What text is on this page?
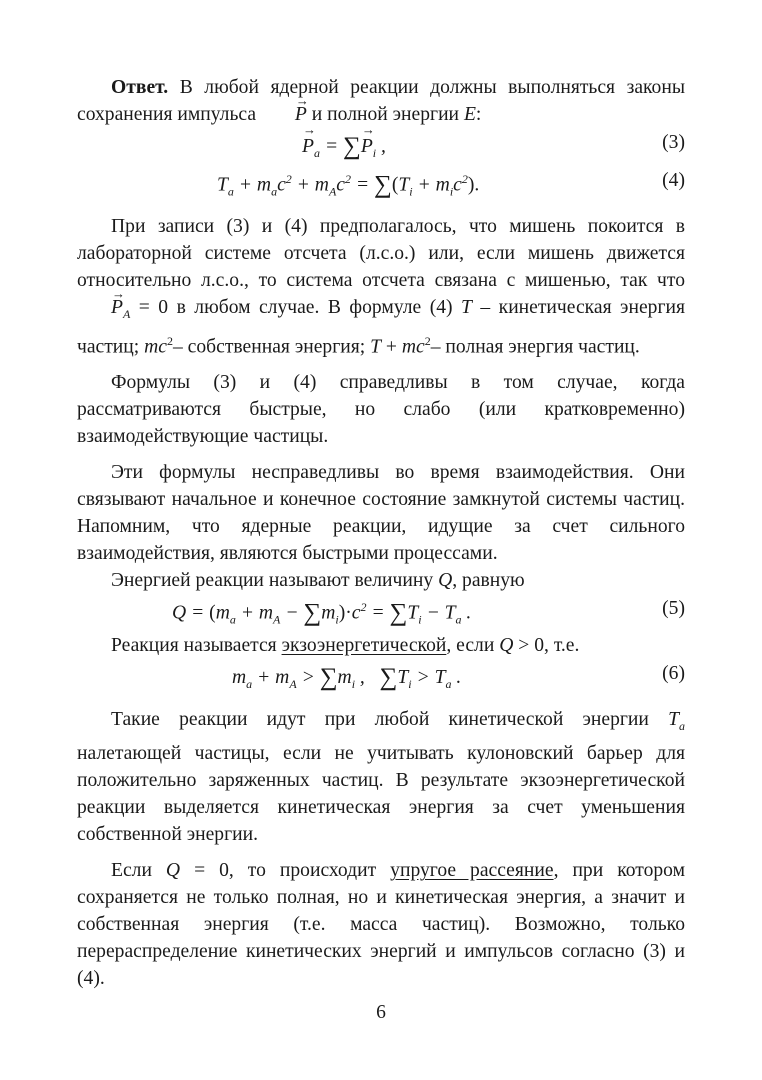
Ответ. В любой ядерной реакции должны выполняться законы сохранения импульса → P и полной энергии E:

→ $P_a$ = ∑→ $P_i$ ,	(3)
$T_a + m_ac^2 + m_Ac^2 = \sum(T_i + m_ic^2)$.	(4)

При записи (3) и (4) предполагалось, что мишень покоится в лабораторной системе отсчета (л.с.о.) или, если мишень движется относительно л.с.о., то система отсчета связана с мишенью, так что → $P_A = 0$ в любом случае. В формуле (4) T – кинетическая энергия частиц; $mc^2-$ собственная энергия; $T + mc^2-$ полная энергия частиц.

Формулы (3) и (4) справедливы в том случае, когда рассматриваются быстрые, но слабо (или кратковременно) взаимодействующие частицы.

Эти формулы несправедливы во время взаимодействия. Они связывают начальное и конечное состояние замкнутой системы частиц. Напомним, что ядерные реакции, идущие за счет сильного взаимодействия, являются быстрыми процессами.

Энергией реакции называют величину Q, равную

$Q = (m_a + m_A - \sum m_i)\cdot c^2 = \sum T_i - T_a$ .	(5)

Реакция называется экзоэнергетической, если Q > 0, т.е.

$m_a + m_A > \sum m_i$ ,   $\sum T_i > T_a$ .	(6)

Такие реакции идут при любой кинетической энергии $T_a$ налетающей частицы, если не учитывать кулоновский барьер для положительно заряженных частиц. В результате экзоэнергетической реакции выделяется кинетическая энергия за счет уменьшения собственной энергии.

Если Q = 0, то происходит упругое рассеяние, при котором сохраняется не только полная, но и кинетическая энергия, а значит и собственная энергия (т.е. масса частиц). Возможно, только перераспределение кинетических энергий и импульсов согласно (3) и (4).

6
